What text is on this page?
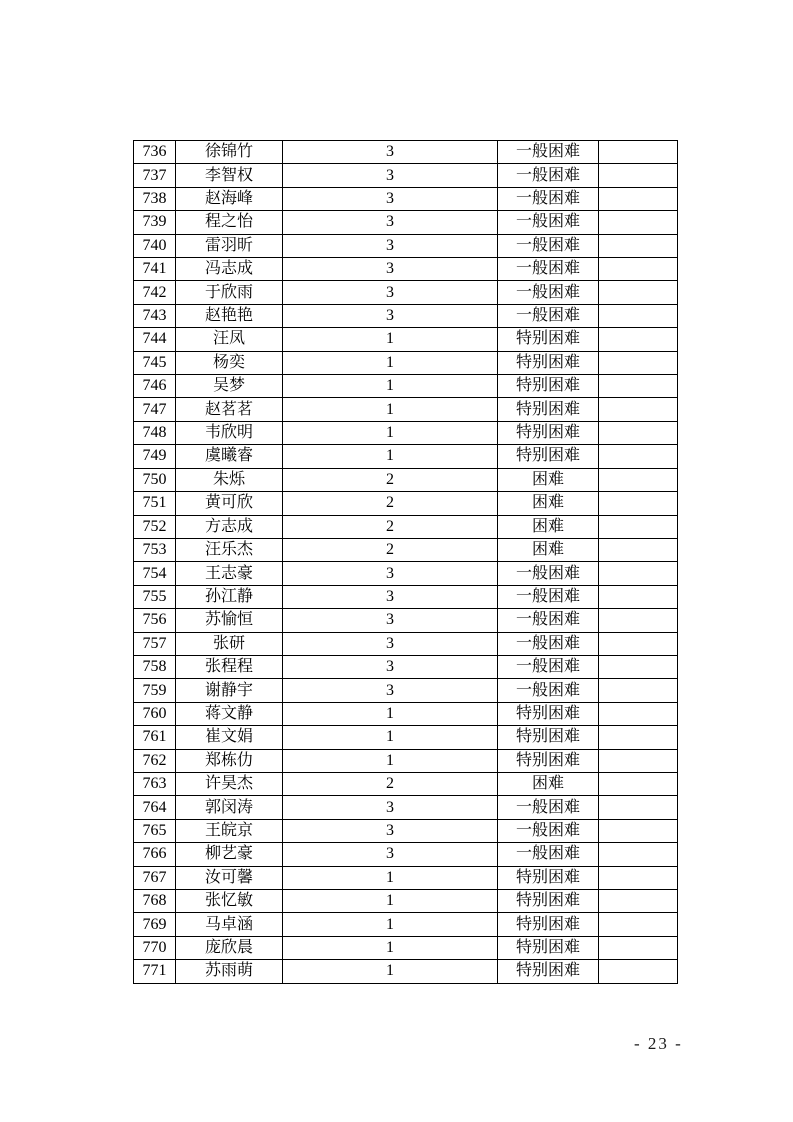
736	徐锦竹	3	一般困难	
737	李智权	3	一般困难	
738	赵海峰	3	一般困难	
739	程之怡	3	一般困难	
740	雷羽昕	3	一般困难	
741	冯志成	3	一般困难	
742	于欣雨	3	一般困难	
743	赵艳艳	3	一般困难	
744	汪凤	1	特别困难	
745	杨奕	1	特别困难	
746	吴梦	1	特别困难	
747	赵茗茗	1	特别困难	
748	韦欣明	1	特别困难	
749	虞曦睿	1	特别困难	
750	朱烁	2	困难	
751	黄可欣	2	困难	
752	方志成	2	困难	
753	汪乐杰	2	困难	
754	王志豪	3	一般困难	
755	孙江静	3	一般困难	
756	苏愉恒	3	一般困难	
757	张研	3	一般困难	
758	张程程	3	一般困难	
759	谢静宇	3	一般困难	
760	蒋文静	1	特别困难	
761	崔文娟	1	特别困难	
762	郑栋仂	1	特别困难	
763	许昊杰	2	困难	
764	郭闵涛	3	一般困难	
765	王皖京	3	一般困难	
766	柳艺豪	3	一般困难	
767	汝可馨	1	特别困难	
768	张忆敏	1	特别困难	
769	马卓涵	1	特别困难	
770	庞欣晨	1	特别困难	
771	苏雨萌	1	特别困难	
- 23 -
